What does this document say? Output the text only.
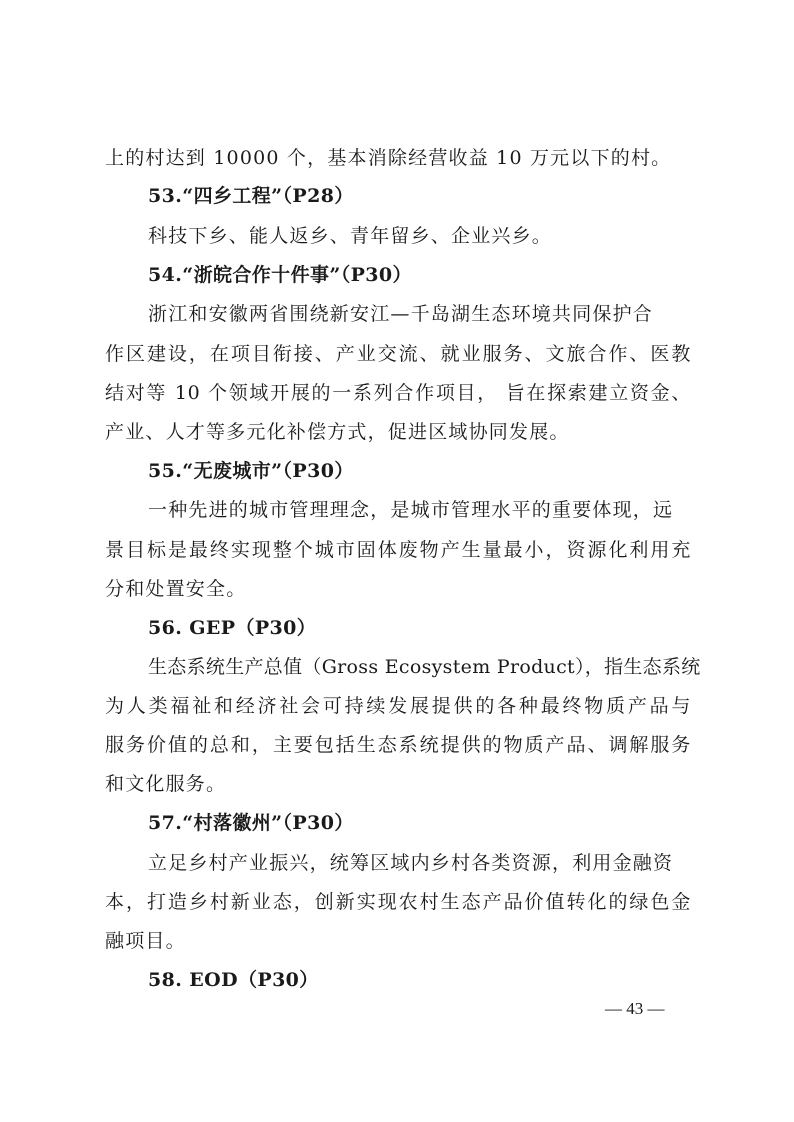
上的村达到 10000 个，基本消除经营收益 10 万元以下的村。
53.“四乡工程”（P28）
科技下乡、能人返乡、青年留乡、企业兴乡。
54.“浙皖合作十件事”（P30）
浙江和安徽两省围绕新安江—千岛湖生态环境共同保护合
作区建设，在项目衔接、产业交流、就业服务、文旅合作、医教
结对等 10 个领域开展的一系列合作项目， 旨在探索建立资金、
产业、人才等多元化补偿方式，促进区域协同发展。
55.“无废城市”（P30）
一种先进的城市管理理念，是城市管理水平的重要体现，远
景目标是最终实现整个城市固体废物产生量最小，资源化利用充
分和处置安全。
56. GEP（P30）
生态系统生产总值（Gross Ecosystem Product），指生态系统
为人类福祉和经济社会可持续发展提供的各种最终物质产品与
服务价值的总和，主要包括生态系统提供的物质产品、调解服务
和文化服务。
57.“村落徽州”（P30）
立足乡村产业振兴，统筹区域内乡村各类资源，利用金融资
本，打造乡村新业态，创新实现农村生态产品价值转化的绿色金
融项目。
58. EOD（P30）
— 43 —
